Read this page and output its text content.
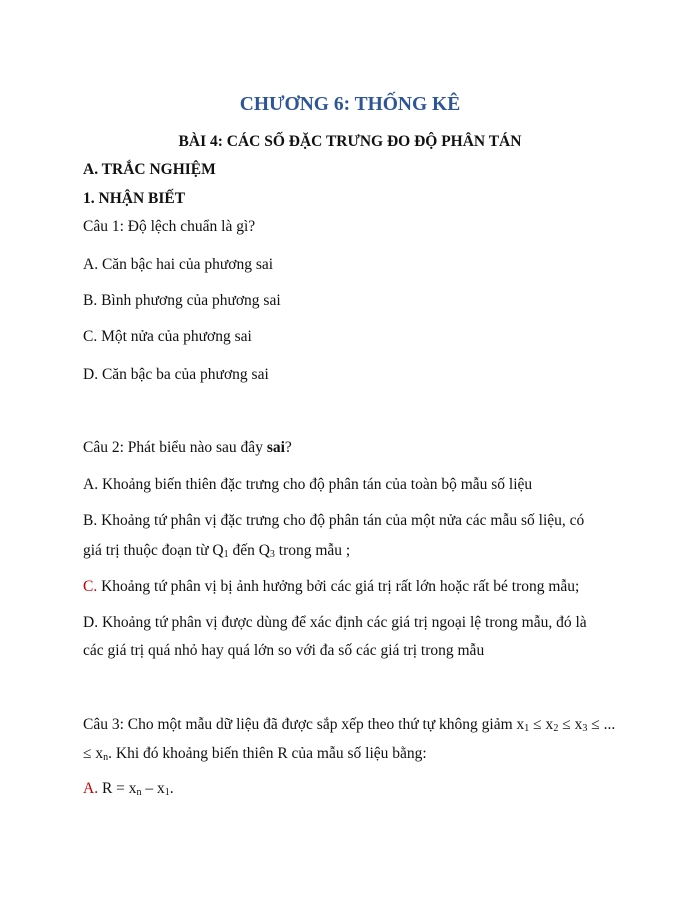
CHƯƠNG 6: THỐNG KÊ
BÀI 4: CÁC SỐ ĐẶC TRƯNG ĐO ĐỘ PHÂN TÁN
A. TRẮC NGHIỆM
1. NHẬN BIẾT
Câu 1: Độ lệch chuẩn là gì?
A. Căn bậc hai của phương sai
B. Bình phương của phương sai
C. Một nửa của phương sai
D. Căn bậc ba của phương sai
Câu 2: Phát biểu nào sau đây sai?
A. Khoảng biến thiên đặc trưng cho độ phân tán của toàn bộ mẫu số liệu
B. Khoảng tứ phân vị đặc trưng cho độ phân tán của một nửa các mẫu số liệu, có
giá trị thuộc đoạn từ $Q_1$ đến $Q_3$ trong mẫu ;
C. Khoảng tứ phân vị bị ảnh hưởng bởi các giá trị rất lớn hoặc rất bé trong mẫu;
D. Khoảng tứ phân vị được dùng để xác định các giá trị ngoại lệ trong mẫu, đó là
các giá trị quá nhỏ hay quá lớn so với đa số các giá trị trong mẫu
Câu 3: Cho một mẫu dữ liệu đã được sắp xếp theo thứ tự không giảm $x_1 \le x_2 \le x_3$ ≤ ...
≤ $x_n$. Khi đó khoảng biến thiên R của mẫu số liệu bằng:
A. $R = x_n - x_1$.
